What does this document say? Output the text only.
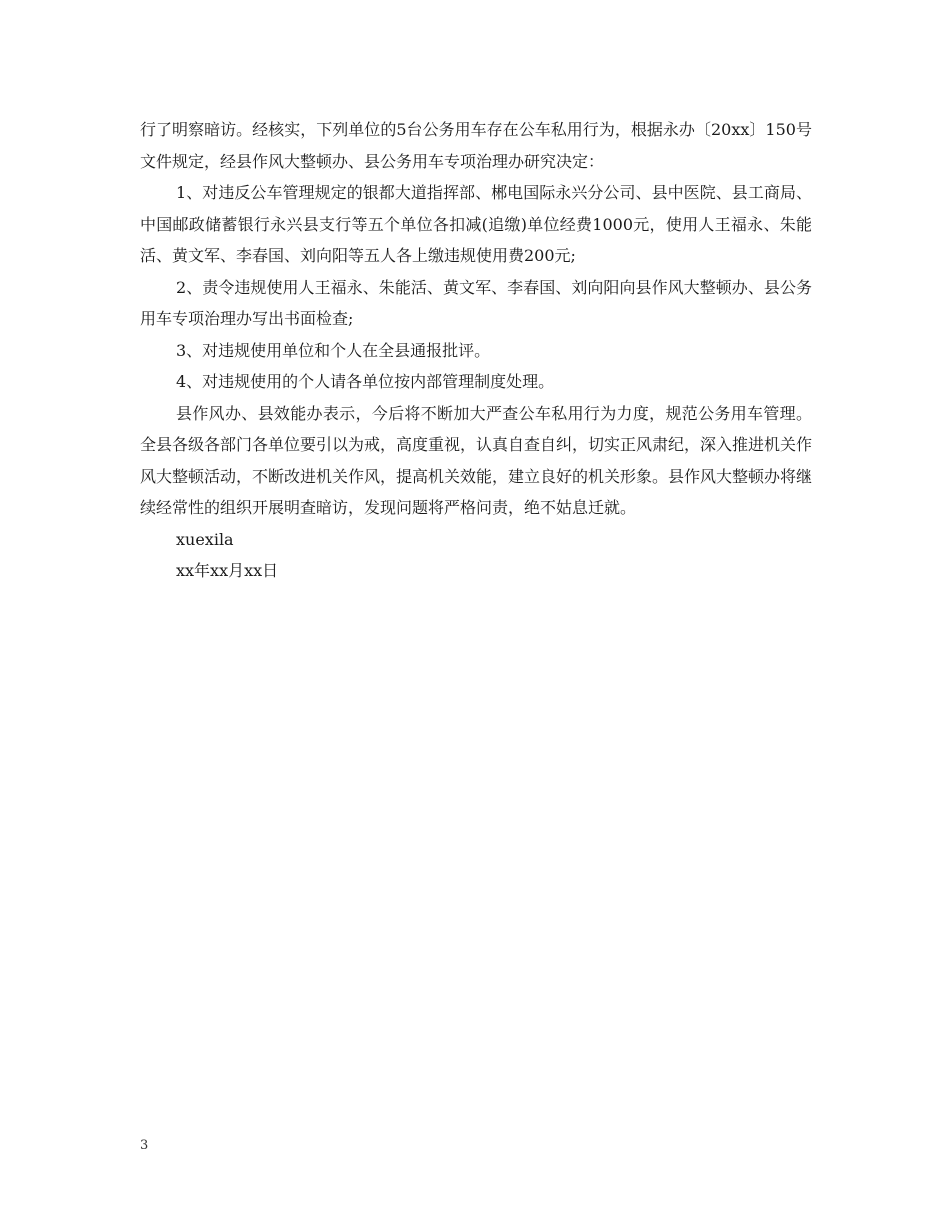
行了明察暗访。经核实，下列单位的5台公务用车存在公车私用行为，根据永办〔20xx〕150号文件规定，经县作风大整顿办、县公务用车专项治理办研究决定：

1、对违反公车管理规定的银都大道指挥部、郴电国际永兴分公司、县中医院、县工商局、中国邮政储蓄银行永兴县支行等五个单位各扣减(追缴)单位经费1000元，使用人王福永、朱能活、黄文军、李春国、刘向阳等五人各上缴违规使用费200元;

2、责令违规使用人王福永、朱能活、黄文军、李春国、刘向阳向县作风大整顿办、县公务用车专项治理办写出书面检查;

3、对违规使用单位和个人在全县通报批评。

4、对违规使用的个人请各单位按内部管理制度处理。

县作风办、县效能办表示，今后将不断加大严查公车私用行为力度，规范公务用车管理。全县各级各部门各单位要引以为戒，高度重视，认真自查自纠，切实正风肃纪，深入推进机关作风大整顿活动，不断改进机关作风，提高机关效能，建立良好的机关形象。县作风大整顿办将继续经常性的组织开展明查暗访，发现问题将严格问责，绝不姑息迁就。

xuexila

xx年xx月xx日

3
